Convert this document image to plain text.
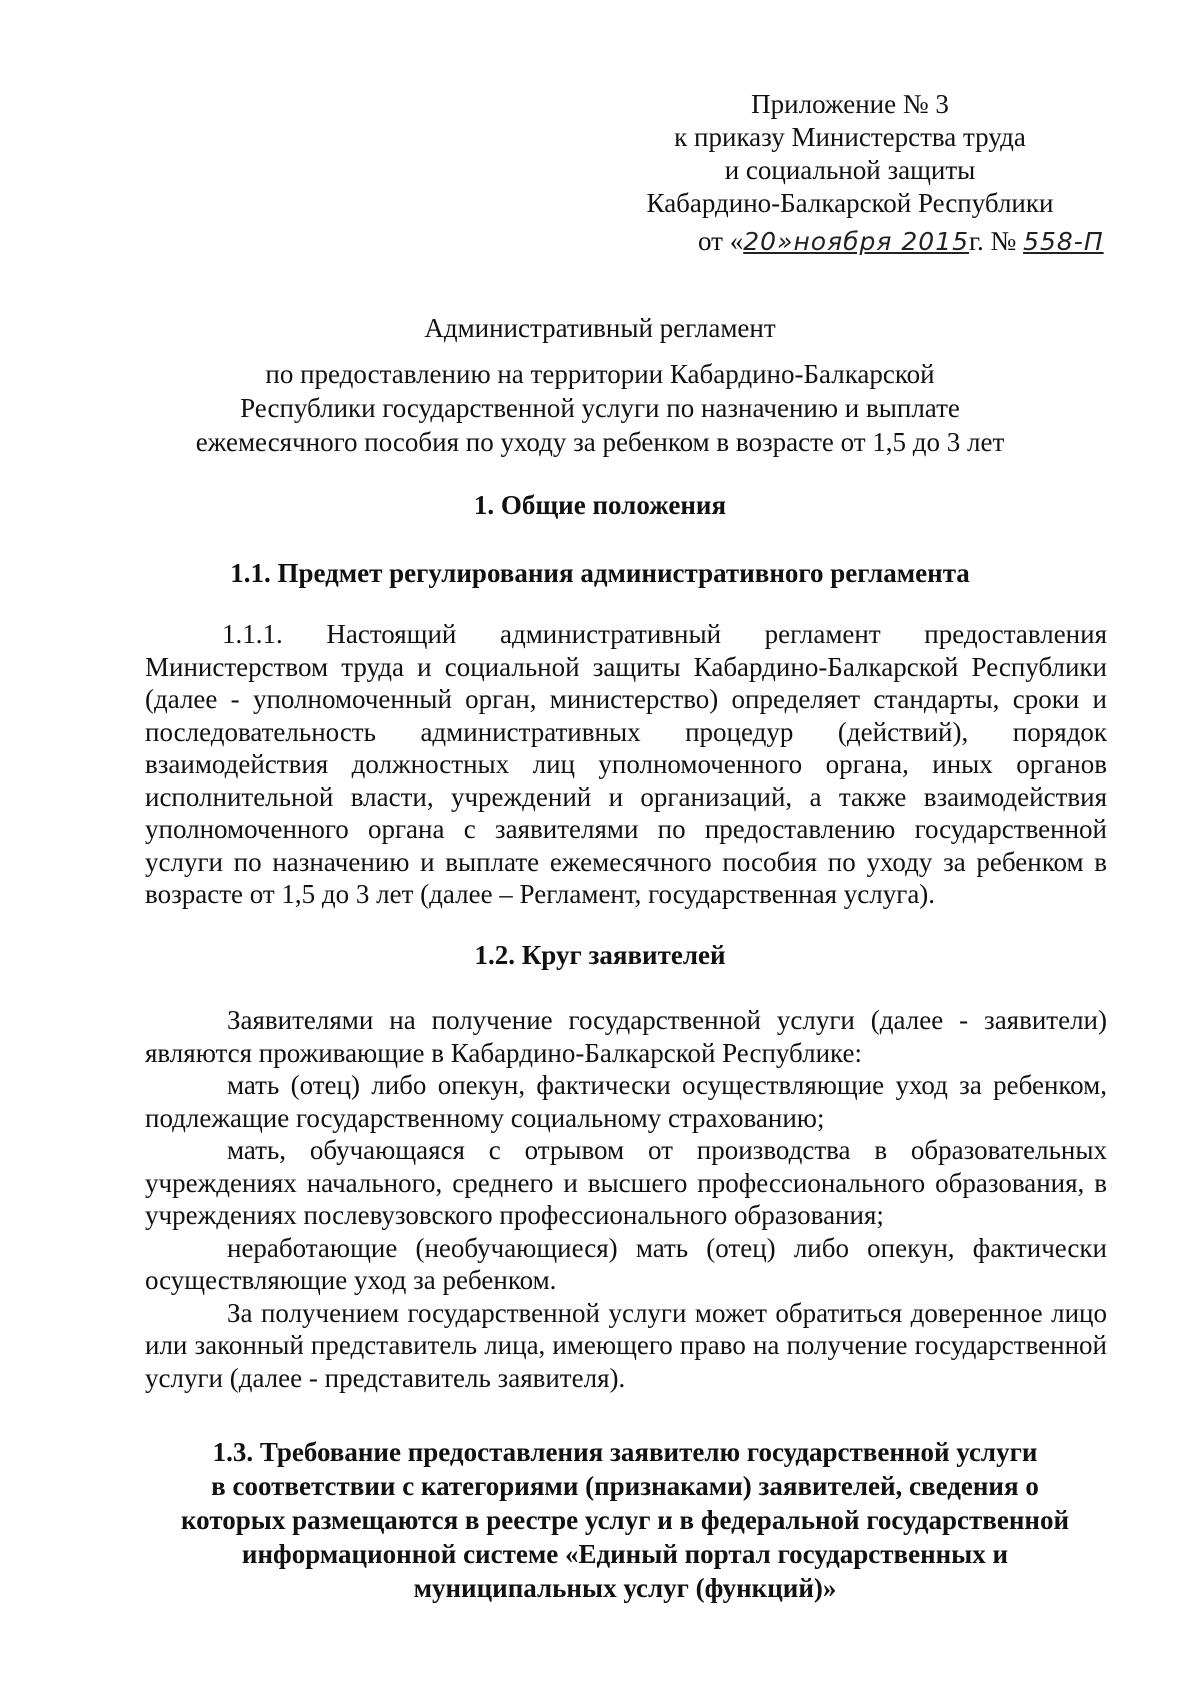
Приложение № 3
к приказу Министерства труда
и социальной защиты
Кабардино-Балкарской Республики
от «20»ноября 2015г. № 558-П
Административный регламент
по предоставлению на территории Кабардино-Балкарской
Республики государственной услуги по назначению и выплате
ежемесячного пособия по уходу за ребенком в возрасте от 1,5 до 3 лет
1. Общие положения
1.1. Предмет регулирования административного регламента

1.1.1. Настоящий административный регламент предоставления Министерством труда и социальной защиты Кабардино-Балкарской Республики (далее - уполномоченный орган, министерство) определяет стандарты, сроки и последовательность административных процедур (действий), порядок взаимодействия должностных лиц уполномоченного органа, иных органов исполнительной власти, учреждений и организаций, а также взаимодействия уполномоченного органа с заявителями по предоставлению государственной услуги по назначению и выплате ежемесячного пособия по уходу за ребенком в возрасте от 1,5 до 3 лет (далее – Регламент, государственная услуга).

1.2. Круг заявителей

Заявителями на получение государственной услуги (далее - заявители) являются проживающие в Кабардино-Балкарской Республике:

мать (отец) либо опекун, фактически осуществляющие уход за ребенком, подлежащие государственному социальному страхованию;

мать, обучающаяся с отрывом от производства в образовательных учреждениях начального, среднего и высшего профессионального образования, в учреждениях послевузовского профессионального образования;

неработающие (необучающиеся) мать (отец) либо опекун, фактически осуществляющие уход за ребенком.

За получением государственной услуги может обратиться доверенное лицо или законный представитель лица, имеющего право на получение государственной услуги (далее - представитель заявителя).

1.3. Требование предоставления заявителю государственной услуги
в соответствии с категориями (признаками) заявителей, сведения о
которых размещаются в реестре услуг и в федеральной государственной
информационной системе «Единый портал государственных и
муниципальных услуг (функций)»
